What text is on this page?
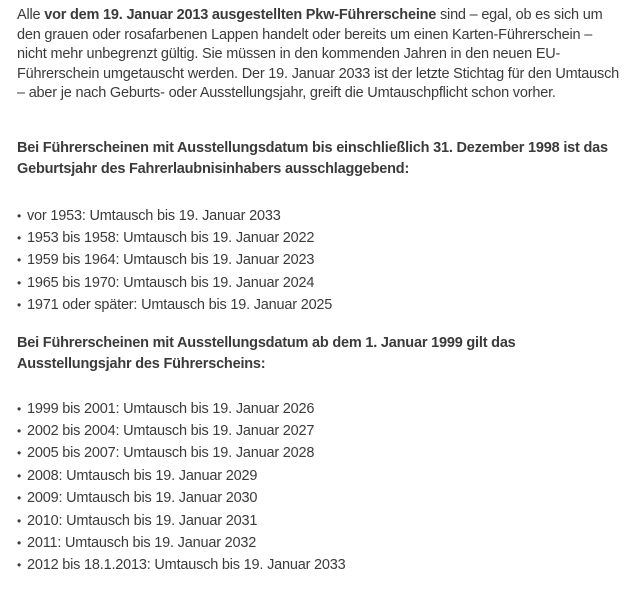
Alle vor dem 19. Januar 2013 ausgestellten Pkw-Führerscheine sind – egal, ob es sich um den grauen oder rosafarbenen Lappen handelt oder bereits um einen Karten-Führerschein – nicht mehr unbegrenzt gültig. Sie müssen in den kommenden Jahren in den neuen EU-Führerschein umgetauscht werden. Der 19. Januar 2033 ist der letzte Stichtag für den Umtausch – aber je nach Geburts- oder Ausstellungsjahr, greift die Umtauschpflicht schon vorher.

Bei Führerscheinen mit Ausstellungsdatum bis einschließlich 31. Dezember 1998 ist das Geburtsjahr des Fahrerlaubnisinhabers ausschlaggebend:
• vor 1953: Umtausch bis 19. Januar 2033
• 1953 bis 1958: Umtausch bis 19. Januar 2022
• 1959 bis 1964: Umtausch bis 19. Januar 2023
• 1965 bis 1970: Umtausch bis 19. Januar 2024
• 1971 oder später: Umtausch bis 19. Januar 2025
Bei Führerscheinen mit Ausstellungsdatum ab dem 1. Januar 1999 gilt das Ausstellungsjahr des Führerscheins:
• 1999 bis 2001: Umtausch bis 19. Januar 2026
• 2002 bis 2004: Umtausch bis 19. Januar 2027
• 2005 bis 2007: Umtausch bis 19. Januar 2028
• 2008: Umtausch bis 19. Januar 2029
• 2009: Umtausch bis 19. Januar 2030
• 2010: Umtausch bis 19. Januar 2031
• 2011: Umtausch bis 19. Januar 2032
• 2012 bis 18.1.2013: Umtausch bis 19. Januar 2033
